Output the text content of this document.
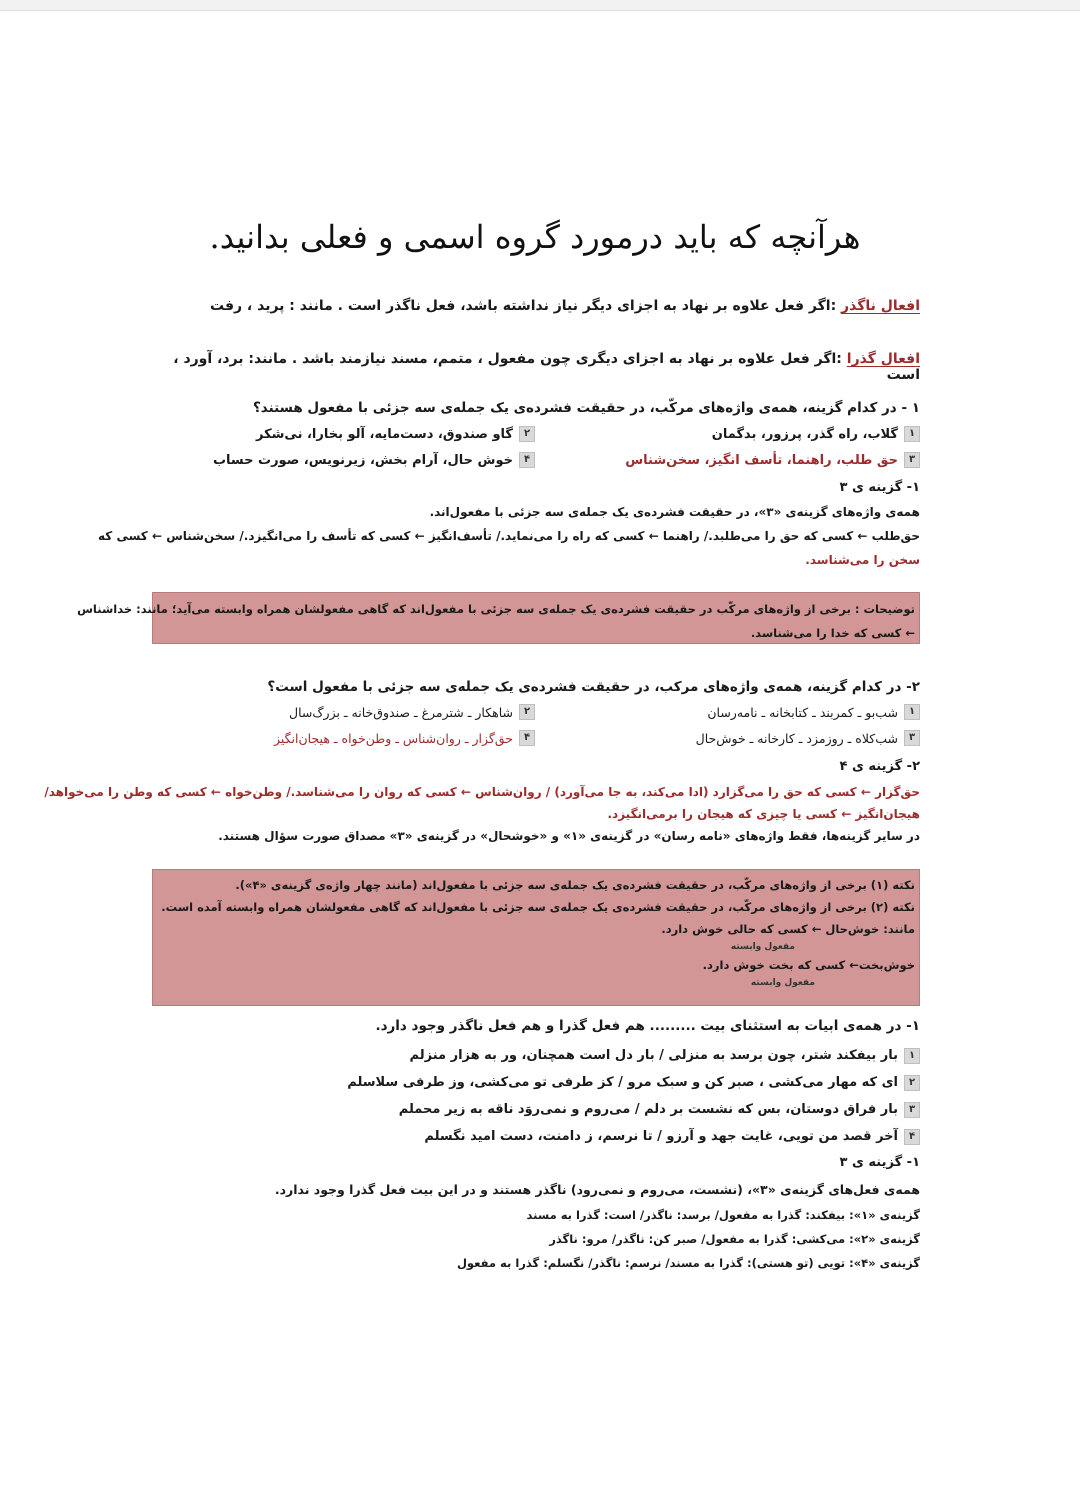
هرآنچه که باید درمورد گروه اسمی و فعلی بدانید.
افعال ناگذر :اگر فعل علاوه بر نهاد به اجزای دیگر نیاز نداشته باشد، فعل ناگذر است . مانند : پرید ، رفت
افعال گذرا :اگر فعل علاوه بر نهاد به اجزای دیگری چون مفعول ، متمم، مسند نیازمند باشد . مانند: برد، آورد ، است
۱ - در کدام گزینه، همه‌ی واژه‌های مرکّب، در حقیقت فشرده‌ی یک جمله‌ی سه جزئی با مفعول هستند؟
۱
گلاب، راه گذر، پرزور، بدگمان
۲
گاو صندوق، دست‌مایه، آلو بخارا، نی‌شکر
۳
حق طلب، راهنما، تأسف انگیز، سخن‌شناس
۴
خوش حال، آرام بخش، زیرنویس، صورت حساب
۱- گزینه ی ۳
همه‌ی واژه‌های گزینه‌ی «۳»، در حقیقت فشرده‌ی یک جمله‌ی سه جزئی با مفعول‌اند.
حق‌طلب ← کسی که حق را می‌طلبد./ راهنما ← کسی که راه را می‌نماید./ تأسف‌انگیز ← کسی که تأسف را می‌انگیزد./ سخن‌شناس ← کسی که
سخن را می‌شناسد.
توضیحات : برخی از واژه‌های مرکّب در حقیقت فشرده‌ی یک جمله‌ی سه جزئی با مفعول‌اند که گاهی مفعولشان همراه وابسته می‌آید؛ مانند: خداشناس
← کسی که خدا را می‌شناسد.
۲- در کدام گزینه، همه‌ی واژه‌های مرکب، در حقیقت فشرده‌ی یک جمله‌ی سه جزئی با مفعول است؟
۱
شب‌بو ـ کمربند ـ کتابخانه ـ نامه‌رسان
۲
شاهکار ـ شترمرغ ـ صندوق‌خانه ـ بزرگ‌سال
۳
شب‌کلاه ـ روزمزد ـ کارخانه ـ خوش‌حال
۴
حق‌گزار ـ روان‌شناس ـ وطن‌خواه ـ هیجان‌انگیز
۲- گزینه ی ۴
حق‌گزار ← کسی که حق را می‌گزارد (ادا می‌کند، به جا می‌آورد) / روان‌شناس ← کسی که روان را می‌شناسد./ وطن‌خواه ← کسی که وطن را می‌خواهد/
هیجان‌انگیز ← کسی یا چیزی که هیجان را برمی‌انگیزد.
در سایر گزینه‌ها، فقط واژه‌های «نامه رسان» در گزینه‌ی «۱» و «خوشحال» در گزینه‌ی «۳» مصداق صورت سؤال هستند.
نکته (۱) برخی از واژه‌های مرکّب، در حقیقت فشرده‌ی یک جمله‌ی سه جزئی با مفعول‌اند (مانند چهار واژه‌ی گزینه‌ی «۴»).
نکته (۲) برخی از واژه‌های مرکّب، در حقیقت فشرده‌ی یک جمله‌ی سه جزئی با مفعول‌اند که گاهی مفعولشان همراه وابسته آمده است.
مانند: خوش‌حال ← کسی که حالی خوش دارد.
مفعول وابسته
خوش‌بخت← کسی که بخت خوش دارد.
مفعول وابسته
۱- در همه‌ی ابیات به استثنای بیت ......... هم فعل گذرا و هم فعل ناگذر وجود دارد.
۱
بار بیفکند شتر، چون برسد به منزلی / بار دل است همچنان، ور به هزار منزلم
۲
ای که مهار می‌کشی ، صبر کن و سبک مرو / کز طرفی تو می‌کشی، وز طرفی سلاسلم
۳
بار فراق دوستان، بس که نشست بر دلم / می‌روم و نمی‌روَد ناقه به زیر محملم
۴
آخر قصد من تویی، غایت جهد و آرزو / تا نرسم، ز دامنت، دست امید نگسلم
۱- گزینه ی ۳
همه‌ی فعل‌های گزینه‌ی «۳»، (نشست، می‌روم و نمی‌رود) ناگذر هستند و در این بیت فعل گذرا وجود ندارد.
گزینه‌ی «۱»: بیفکند: گذرا به مفعول/ برسد: ناگذر/ است: گذرا به مسند
گزینه‌ی «۲»: می‌کشی: گذرا به مفعول/ صبر کن: ناگذر/ مرو: ناگذر
گزینه‌ی «۴»: تویی (تو هستی): گذرا به مسند/ نرسم: ناگذر/ نگسلم: گذرا به مفعول
